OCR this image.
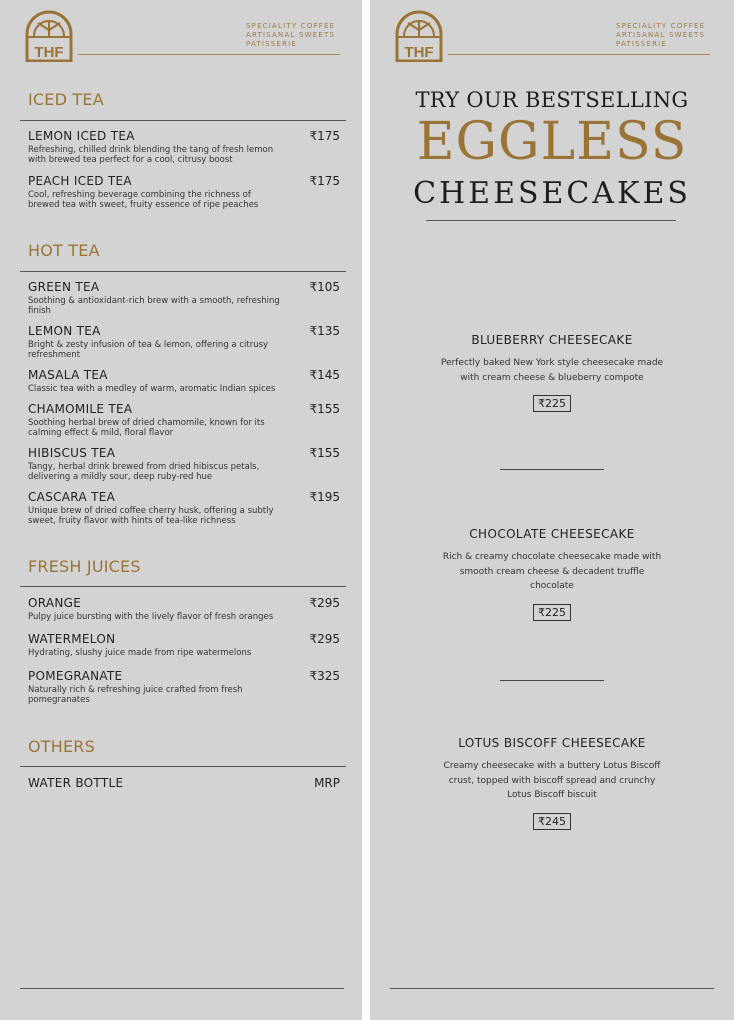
THF
SPECIALITY COFFEE
ARTISANAL SWEETS
PATISSERIE
ICED TEA
LEMON ICED TEA	₹175
Refreshing, chilled drink blending the tang of fresh lemon with brewed tea perfect for a cool, citrusy boost
PEACH ICED TEA	₹175
Cool, refreshing beverage combining the richness of brewed tea with sweet, fruity essence of ripe peaches
HOT TEA
GREEN TEA	₹105
Soothing & antioxidant-rich brew with a smooth, refreshing finish
LEMON TEA	₹135
Bright & zesty infusion of tea & lemon, offering a citrusy refreshment
MASALA TEA	₹145
Classic tea with a medley of warm, aromatic Indian spices
CHAMOMILE TEA	₹155
Soothing herbal brew of dried chamomile, known for its calming effect & mild, floral flavor
HIBISCUS TEA	₹155
Tangy, herbal drink brewed from dried hibiscus petals, delivering a mildly sour, deep ruby-red hue
CASCARA TEA	₹195
Unique brew of dried coffee cherry husk, offering a subtly sweet, fruity flavor with hints of tea-like richness
FRESH JUICES
ORANGE	₹295
Pulpy juice bursting with the lively flavor of fresh oranges
WATERMELON	₹295
Hydrating, slushy juice made from ripe watermelons
POMEGRANATE	₹325
Naturally rich & refreshing juice crafted from fresh pomegranates
OTHERS
WATER BOTTLE	MRP
THF
SPECIALITY COFFEE
ARTISANAL SWEETS
PATISSERIE
TRY OUR BESTSELLING
EGGLESS
CHEESECAKES
BLUEBERRY CHEESECAKE
Perfectly baked New York style cheesecake made with cream cheese & blueberry compote
₹225
CHOCOLATE CHEESECAKE
Rich & creamy chocolate cheesecake made with smooth cream cheese & decadent truffle chocolate
₹225
LOTUS BISCOFF CHEESECAKE
Creamy cheesecake with a buttery Lotus Biscoff crust, topped with biscoff spread and crunchy Lotus Biscoff biscuit
₹245
